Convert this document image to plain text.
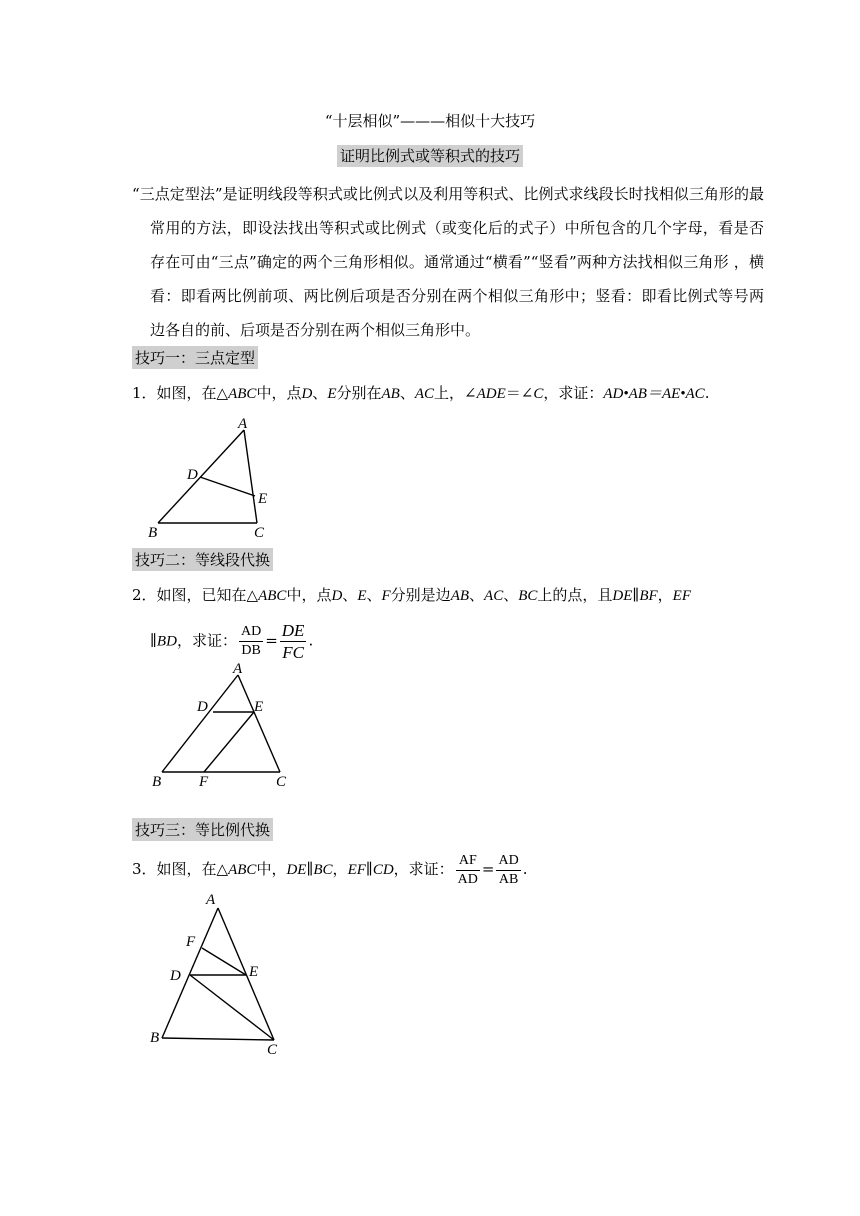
“十层相似”———相似十大技巧
证明比例式或等积式的技巧
“三点定型法”是证明线段等积式或比例式以及利用等积式、比例式求线段长时找相似三角形的最常用的方法，即设法找出等积式或比例式（或变化后的式子）中所包含的几个字母，看是否存在可由“三点”确定的两个三角形相似。通常通过“横看”“竖看”两种方法找相似三角形 ，横看：即看两比例前项、两比例后项是否分别在两个相似三角形中；竖看：即看比例式等号两边各自的前、后项是否分别在两个相似三角形中。
技巧一：三点定型
1．如图，在△ABC中，点D、E分别在AB、AC上，∠ADE＝∠C，求证：AD•AB＝AE•AC.
A
D
E
B	C
技巧二：等线段代换
2．如图，已知在△ABC中，点D、E、F分别是边AB、AC、BC上的点，且DE∥BF，EF
∥BD，求证： $\frac{AD}{DB} = \frac{DE}{FC}$ .
A
D	E
B	F	C
技巧三：等比例代换
3．如图，在△ABC中，DE∥BC，EF∥CD，求证： $\frac{AF}{AD} = \frac{AD}{AB}$ .
A
F
D	E
B
C
